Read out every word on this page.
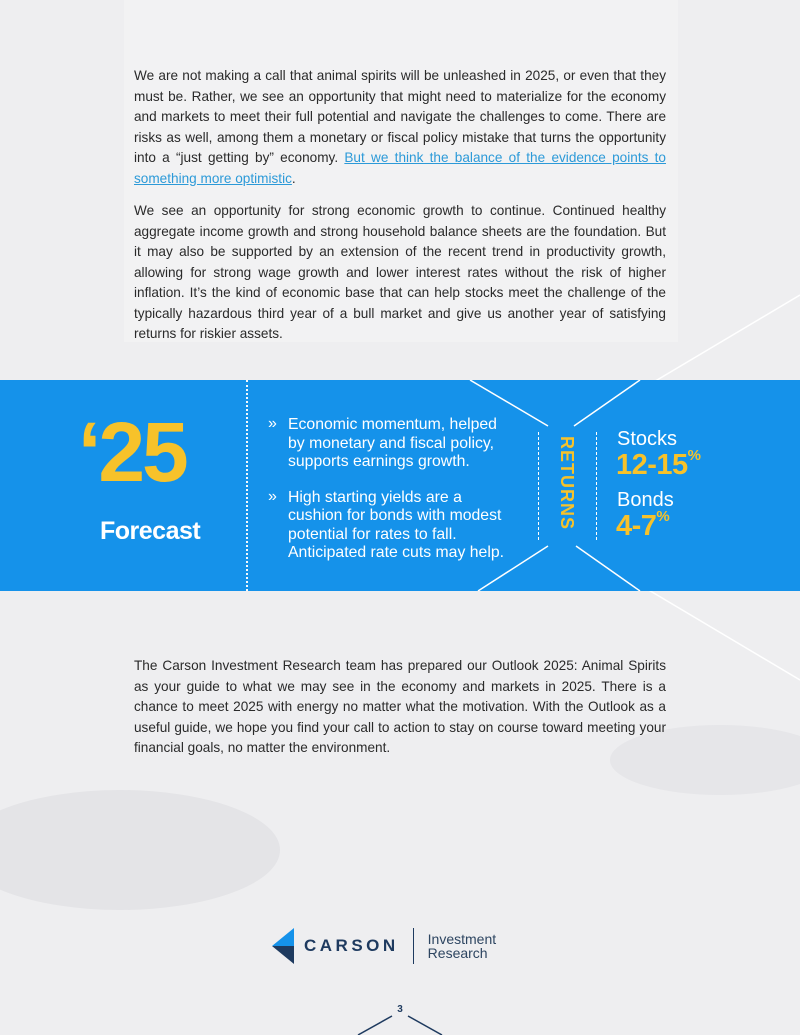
We are not making a call that animal spirits will be unleashed in 2025, or even that they must be. Rather, we see an opportunity that might need to materialize for the economy and markets to meet their full potential and navigate the challenges to come. There are risks as well, among them a monetary or fiscal policy mistake that turns the opportunity into a “just getting by” economy. But we think the balance of the evidence points to something more optimistic.

We see an opportunity for strong economic growth to continue. Continued healthy aggregate income growth and strong household balance sheets are the foundation. But it may also be supported by an extension of the recent trend in productivity growth, allowing for strong wage growth and lower interest rates without the risk of higher inflation. It’s the kind of economic base that can help stocks meet the challenge of the typically hazardous third year of a bull market and give us another year of satisfying returns for riskier assets.

‘25
Forecast
» Economic momentum, helped by monetary and fiscal policy, supports earnings growth.
» High starting yields are a cushion for bonds with modest potential for rates to fall. Anticipated rate cuts may help.
RETURNS Stocks
12-15%
Bonds
4-7%

The Carson Investment Research team has prepared our Outlook 2025: Animal Spirits as your guide to what we may see in the economy and markets in 2025. There is a chance to meet 2025 with energy no matter what the motivation. With the Outlook as a useful guide, we hope you find your call to action to stay on course toward meeting your financial goals, no matter the environment.

CARSON Investment
Research
3
